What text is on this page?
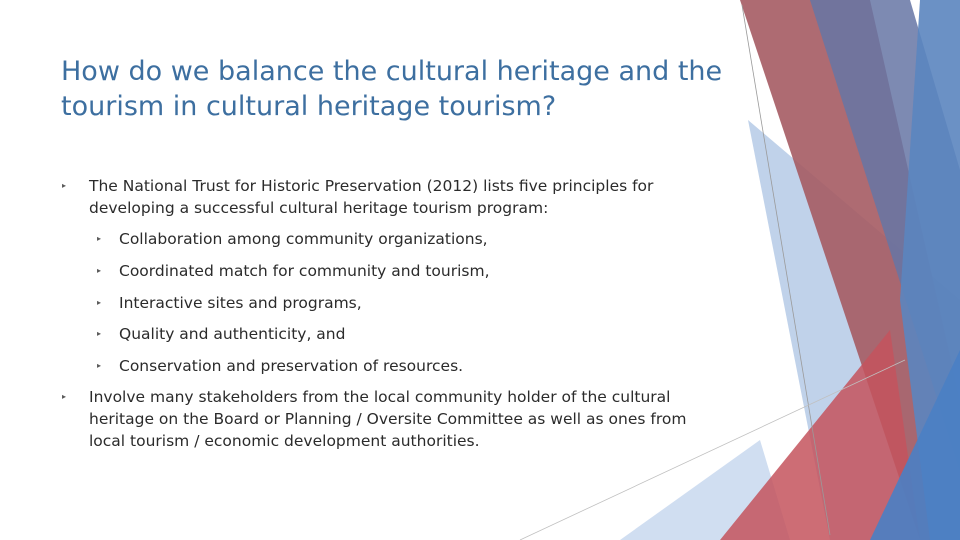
How do we balance the cultural heritage and the tourism in cultural heritage tourism?
▸ The National Trust for Historic Preservation (2012) lists five principles for developing a successful cultural heritage tourism program:
▸ Collaboration among community organizations,
▸ Coordinated match for community and tourism,
▸ Interactive sites and programs,
▸ Quality and authenticity, and
▸ Conservation and preservation of resources.
▸ Involve many stakeholders from the local community holder of the cultural heritage on the Board or Planning / Oversite Committee as well as ones from local tourism / economic development authorities.
